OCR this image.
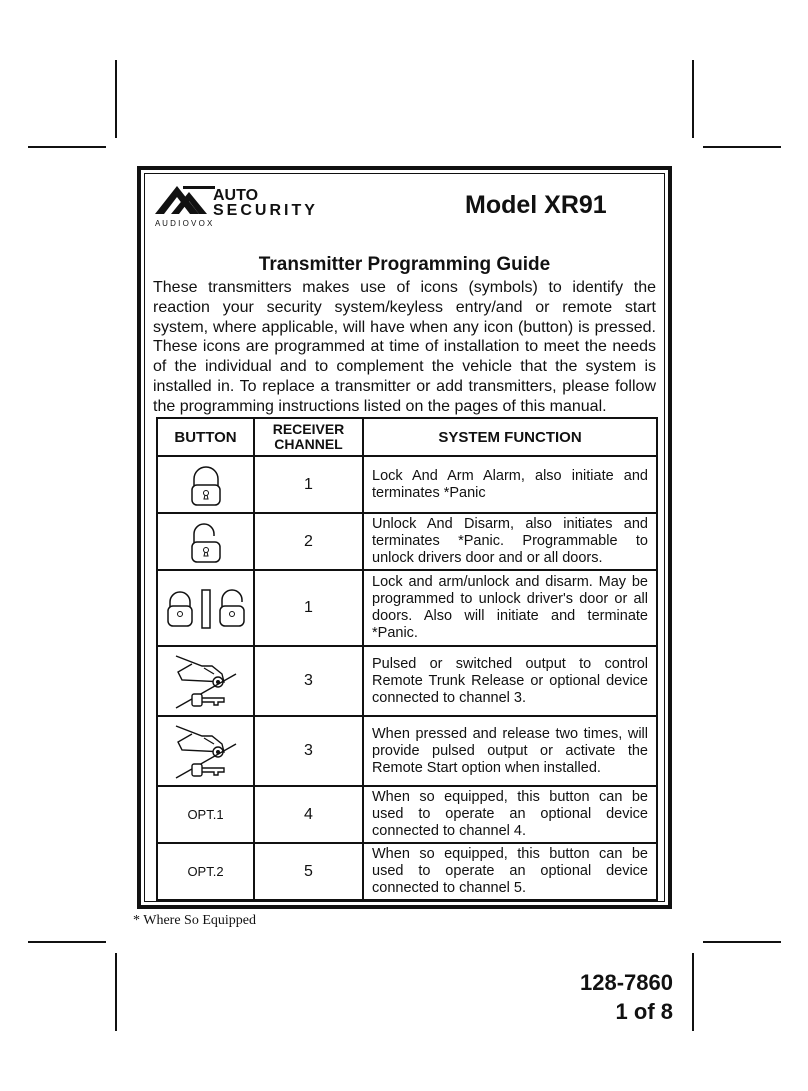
AUTO
SECURITY
A U D I O V O X
Model XR91
Transmitter Programming Guide
These transmitters makes use of icons (symbols) to identify the reaction your security system/keyless entry/and or remote start system, where applicable, will have when any icon (button) is pressed. These icons are programmed at time of installation to meet the needs of the individual and to complement the vehicle that the system is installed in. To replace a transmitter or add transmitters, please follow the programming instructions listed on the pages of this manual.
BUTTON	RECEIVER CHANNEL	SYSTEM FUNCTION

	1	Lock And Arm Alarm, also initiate and terminates *Panic

	2	Unlock And Disarm, also initiates and terminates *Panic. Programmable to unlock drivers door and or all doors.

	1	Lock and arm/unlock and disarm. May be programmed to unlock driver's door or all doors. Also will initiate and terminate *Panic.

	3	Pulsed or switched output to control Remote Trunk Release or optional device connected to channel 3.

	3	When pressed and release two times, will provide pulsed output or activate the Remote Start option when installed.
OPT.1	4	When so equipped, this button can be used to operate an optional device connected to channel 4.
OPT.2	5	When so equipped, this button can be used to operate an optional device connected to channel 5.
* Where So Equipped
128-7860
1 of 8
